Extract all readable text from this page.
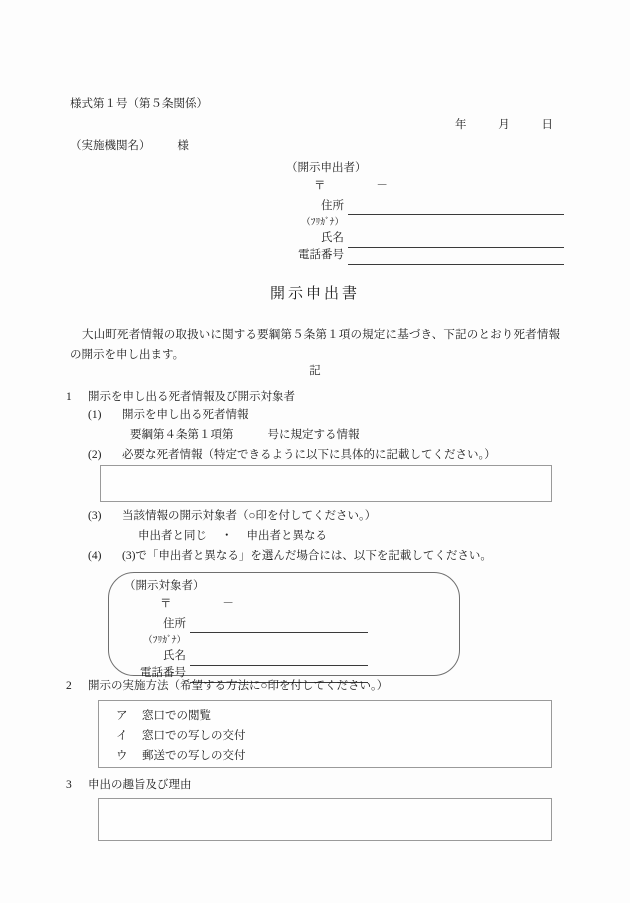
様式第１号（第５条関係）
年	月	日
（実施機関名） 様
（開示申出者）
〒	－
住所	
（ﾌﾘｶﾞﾅ）	
氏名	
電話番号	
開示申出書
大山町死者情報の取扱いに関する要綱第５条第１項の規定に基づき、下記のとおり死者情報の開示を申し出ます。
記
1 開示を申し出る死者情報及び開示対象者
(1) 開示を申し出る死者情報
要綱第４条第１項第	号に規定する情報
(2) 必要な死者情報（特定できるように以下に具体的に記載してください。）
(3) 当該情報の開示対象者（○印を付してください。）
申出者と同じ ・ 申出者と異なる
(4) (3)で「申出者と異なる」を選んだ場合には、以下を記載してください。
（開示対象者）
〒	－
住所	
（ﾌﾘｶﾞﾅ）	
氏名	
電話番号	
2 開示の実施方法（希望する方法に○印を付してください。）
ア 窓口での閲覧
イ 窓口での写しの交付
ウ 郵送での写しの交付
3 申出の趣旨及び理由
